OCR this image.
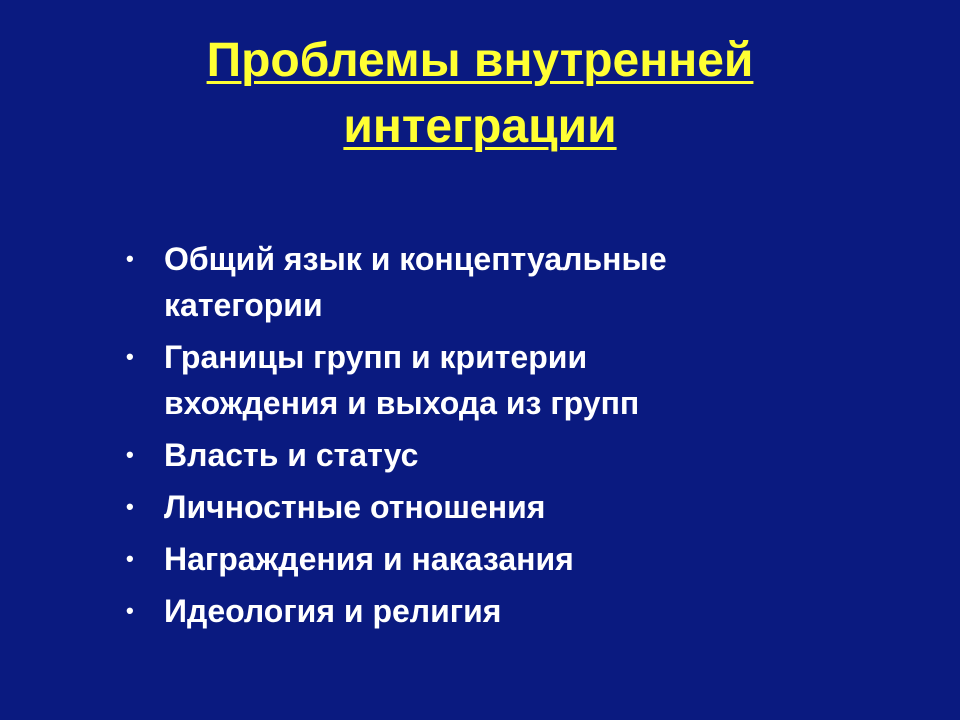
Проблемы внутренней
интеграции
• Общий язык и концептуальные
категории
• Границы групп и критерии
вхождения и выхода из групп
• Власть и статус
• Личностные отношения
• Награждения и наказания
• Идеология и религия
